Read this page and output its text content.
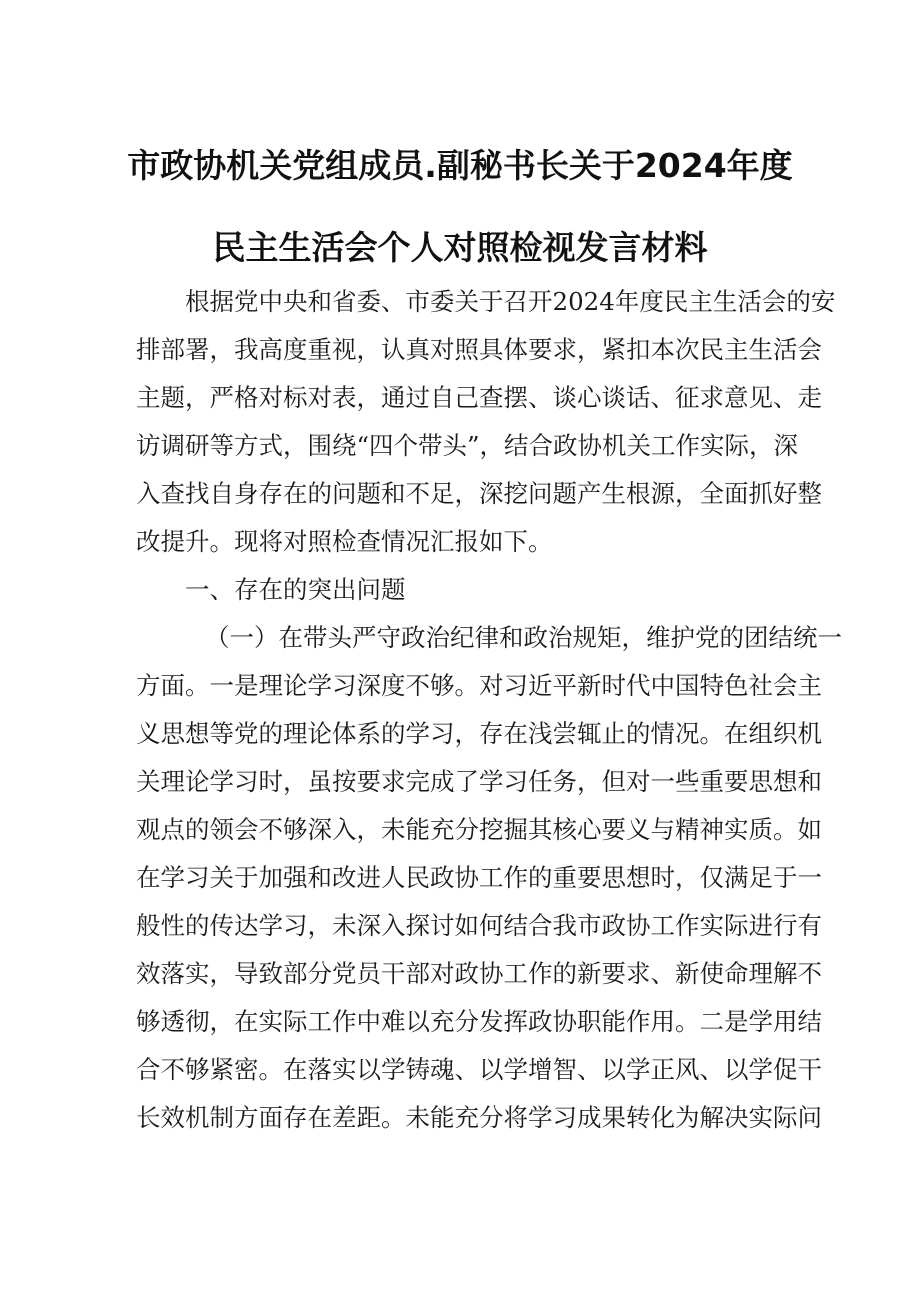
市政协机关党组成员.副秘书长关于2024年度
民主生活会个人对照检视发言材料
根据党中央和省委、市委关于召开2024年度民主生活会的安
排部署，我高度重视，认真对照具体要求，紧扣本次民主生活会
主题，严格对标对表，通过自己查摆、谈心谈话、征求意见、走
访调研等方式，围绕“四个带头”，结合政协机关工作实际，深
入查找自身存在的问题和不足，深挖问题产生根源，全面抓好整
改提升。现将对照检查情况汇报如下。
一、存在的突出问题
（一）在带头严守政治纪律和政治规矩，维护党的团结统一
方面。一是理论学习深度不够。对习近平新时代中国特色社会主
义思想等党的理论体系的学习，存在浅尝辄止的情况。在组织机
关理论学习时，虽按要求完成了学习任务，但对一些重要思想和
观点的领会不够深入，未能充分挖掘其核心要义与精神实质。如
在学习关于加强和改进人民政协工作的重要思想时，仅满足于一
般性的传达学习，未深入探讨如何结合我市政协工作实际进行有
效落实，导致部分党员干部对政协工作的新要求、新使命理解不
够透彻，在实际工作中难以充分发挥政协职能作用。二是学用结
合不够紧密。在落实以学铸魂、以学增智、以学正风、以学促干
长效机制方面存在差距。未能充分将学习成果转化为解决实际问
